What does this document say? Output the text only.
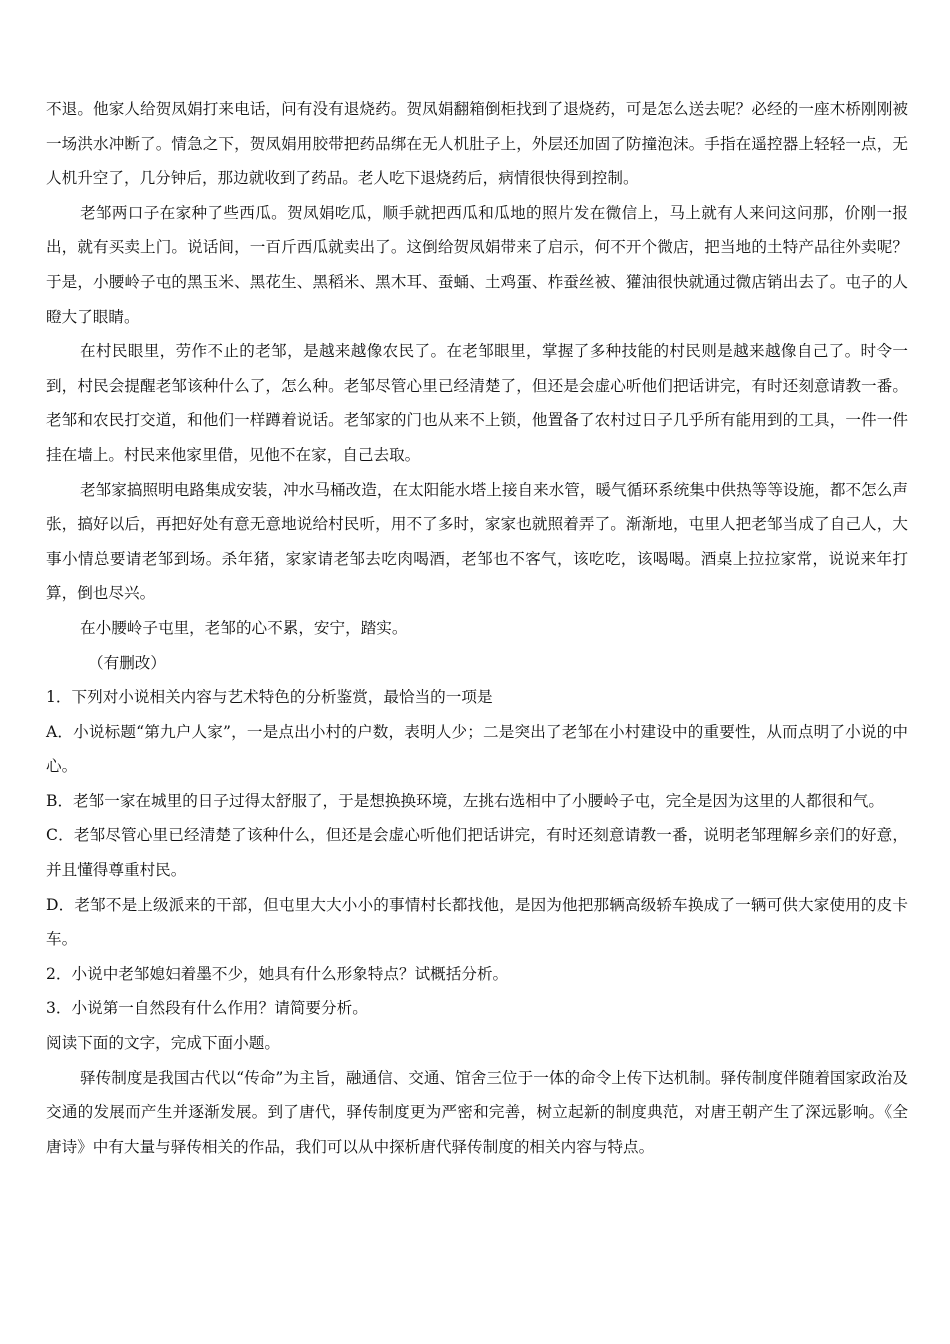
不退。他家人给贺凤娟打来电话，问有没有退烧药。贺凤娟翻箱倒柜找到了退烧药，可是怎么送去呢？必经的一座木桥刚刚被一场洪水冲断了。情急之下，贺凤娟用胶带把药品绑在无人机肚子上，外层还加固了防撞泡沫。手指在遥控器上轻轻一点，无人机升空了，几分钟后，那边就收到了药品。老人吃下退烧药后，病情很快得到控制。

老邹两口子在家种了些西瓜。贺凤娟吃瓜，顺手就把西瓜和瓜地的照片发在微信上，马上就有人来问这问那，价刚一报出，就有买卖上门。说话间，一百斤西瓜就卖出了。这倒给贺凤娟带来了启示，何不开个微店，把当地的土特产品往外卖呢？于是，小腰岭子屯的黑玉米、黑花生、黑稻米、黑木耳、蚕蛹、土鸡蛋、柞蚕丝被、獾油很快就通过微店销出去了。屯子的人瞪大了眼睛。

在村民眼里，劳作不止的老邹，是越来越像农民了。在老邹眼里，掌握了多种技能的村民则是越来越像自己了。时令一到，村民会提醒老邹该种什么了，怎么种。老邹尽管心里已经清楚了，但还是会虚心听他们把话讲完，有时还刻意请教一番。老邹和农民打交道，和他们一样蹲着说话。老邹家的门也从来不上锁，他置备了农村过日子几乎所有能用到的工具，一件一件挂在墙上。村民来他家里借，见他不在家，自己去取。

老邹家搞照明电路集成安装，冲水马桶改造，在太阳能水塔上接自来水管，暖气循环系统集中供热等等设施，都不怎么声张，搞好以后，再把好处有意无意地说给村民听，用不了多时，家家也就照着弄了。渐渐地，屯里人把老邹当成了自己人，大事小情总要请老邹到场。杀年猪，家家请老邹去吃肉喝酒，老邹也不客气，该吃吃，该喝喝。酒桌上拉拉家常，说说来年打算，倒也尽兴。

在小腰岭子屯里，老邹的心不累，安宁，踏实。

（有删改）

1．下列对小说相关内容与艺术特色的分析鉴赏，最恰当的一项是

A．小说标题“第九户人家”，一是点出小村的户数，表明人少；二是突出了老邹在小村建设中的重要性，从而点明了小说的中心。

B．老邹一家在城里的日子过得太舒服了，于是想换换环境，左挑右选相中了小腰岭子屯，完全是因为这里的人都很和气。

C．老邹尽管心里已经清楚了该种什么，但还是会虚心听他们把话讲完，有时还刻意请教一番，说明老邹理解乡亲们的好意，并且懂得尊重村民。

D．老邹不是上级派来的干部，但屯里大大小小的事情村长都找他，是因为他把那辆高级轿车换成了一辆可供大家使用的皮卡车。

2．小说中老邹媳妇着墨不少，她具有什么形象特点？试概括分析。

3．小说第一自然段有什么作用？请简要分析。

阅读下面的文字，完成下面小题。

驿传制度是我国古代以“传命”为主旨，融通信、交通、馆舍三位于一体的命令上传下达机制。驿传制度伴随着国家政治及交通的发展而产生并逐渐发展。到了唐代，驿传制度更为严密和完善，树立起新的制度典范，对唐王朝产生了深远影响。《全唐诗》中有大量与驿传相关的作品，我们可以从中探析唐代驿传制度的相关内容与特点。
